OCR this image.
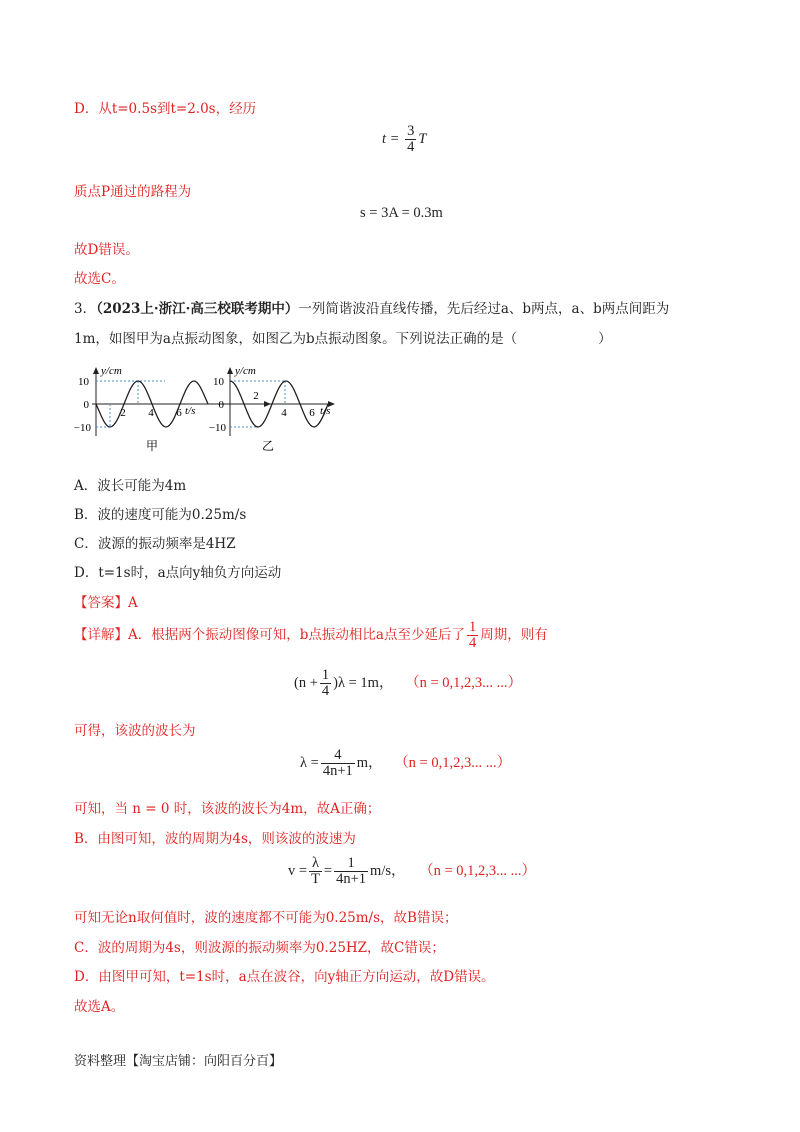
D．从t=0.5s到t=2.0s，经历
$t = \frac{3}{4}$ T
质点P通过的路程为
s = 3A = 0.3m
故D错误。
故选C。
3．（2023上·浙江·高三校联考期中）一列简谐波沿直线传播，先后经过a、b两点，a、b两点间距为
1m，如图甲为a点振动图象，如图乙为b点振动图象。下列说法正确的是（　　　　　　）
y/cm
10
0
−10
2 4 6 t/s
甲
y/cm
10
0
−10
2
4 6 t/s
乙
A．波长可能为4m
B．波的速度可能为0.25m/s
C．波源的振动频率是4HZ
D．t=1s时，a点向y轴负方向运动
【答案】A
【详解】A．根据两个振动图像可知，b点振动相比a点至少延后了 $\frac{1}{4}$ 周期，则有
$(n + \frac{1}{4} )\lambda = 1m$， （n = 0,1,2,3... ...）
可得，该波的波长为
$\lambda = \frac{4}{4n+1}$ m， （n = 0,1,2,3... ...）
可知，当 n = 0 时，该波的波长为4m，故A正确；
B．由图可知，波的周期为4s，则该波的波速为
$v = \frac{\lambda}{T} = \frac{1}{4n+1} m/s$， （n = 0,1,2,3... ...）
可知无论n取何值时，波的速度都不可能为0.25m/s，故B错误；
C．波的周期为4s，则波源的振动频率为0.25HZ，故C错误；
D．由图甲可知，t=1s时，a点在波谷，向y轴正方向运动，故D错误。
故选A。
资料整理【淘宝店铺：向阳百分百】
